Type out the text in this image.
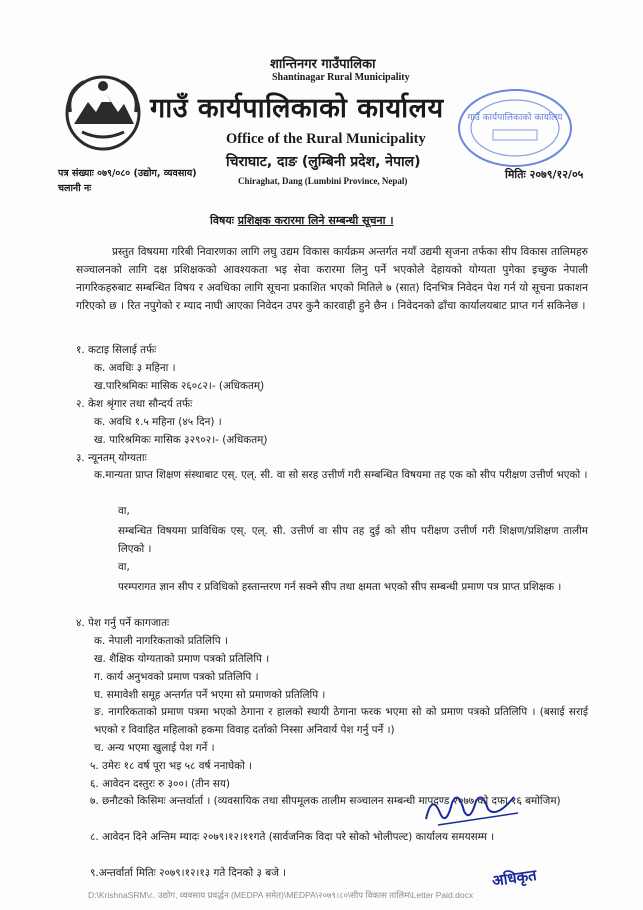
गाउँ कार्यपालिकाको कार्यालय
शान्तिनगर गाउँपालिका
Shantinagar Rural Municipality
गाउँ कार्यपालिकाको कार्यालय
Office of the Rural Municipality
चिराघाट, दाङ (लुम्बिनी प्रदेश, नेपाल)
Chiraghat, Dang (Lumbini Province, Nepal)
पत्र संख्याः ०७९/०८० (उद्योग, व्यवसाय)
चलानी नः
मितिः २०७९/१२/०५
विषयः प्रशिक्षक करारमा लिने सम्बन्धी सूचना ।
प्रस्तुत विषयमा गरिबी निवारणका लागि लघु उद्यम विकास कार्यक्रम अन्तर्गत नयाँ उद्यमी सृजना तर्फका सीप विकास तालिमहरु सञ्चालनको लागि दक्ष प्रशिक्षकको आवश्यकता भइ सेवा करारमा लिनु पर्ने भएकोले देहायको योग्यता पुगेका इच्छुक नेपाली नागरिकहरुबाट सम्बन्धित विषय र अवधिका लागि सूचना प्रकाशित भएको मितिले ७ (सात) दिनभित्र निवेदन पेश गर्न यो सूचना प्रकाशन गरिएको छ । रित नपुगेको र म्याद नाघी आएका निवेदन उपर कुनै कारवाही हुने छैन । निवेदनको ढाँचा कार्यालयबाट प्राप्त गर्न सकिनेछ ।
१. कटाइ सिलाई तर्फः
क. अवधिः ३ महिना ।
ख.पारिश्रमिकः मासिक २६०८२।- (अधिकतम्)
२. केश श्रृंगार तथा सौन्दर्य तर्फः
क. अवधि १.५ महिना (४५ दिन) ।
ख. पारिश्रमिकः मासिक ३२९०२।- (अधिकतम्)
३. न्यूनतम् योग्यताः
क.मान्यता प्राप्त शिक्षण संस्थाबाट एस्. एल्. सी. वा सो सरह उत्तीर्ण गरी सम्बन्धित विषयमा तह एक को सीप परीक्षण उत्तीर्ण भएको ।
वा,
सम्बन्धित विषयमा प्राविधिक एस्. एल्. सी. उत्तीर्ण वा सीप तह दुई को सीप परीक्षण उत्तीर्ण गरी शिक्षण/प्रशिक्षण तालीम लिएको ।
वा,
परम्परागत ज्ञान सीप र प्रविधिको हस्तान्तरण गर्न सक्ने सीप तथा क्षमता भएको सीप सम्बन्धी प्रमाण पत्र प्राप्त प्रशिक्षक ।
४. पेश गर्नु पर्ने कागजातः
क. नेपाली नागरिकताको प्रतिलिपि ।
ख. शैक्षिक योग्यताको प्रमाण पत्रको प्रतिलिपि ।
ग. कार्य अनुभवको प्रमाण पत्रको प्रतिलिपि ।
घ. समावेशी समूह अन्तर्गत पर्ने भएमा सो प्रमाणको प्रतिलिपि ।
ङ. नागरिकताको प्रमाण पत्रमा भएको ठेगाना र हालको स्थायी ठेगाना फरक भएमा सो को प्रमाण पत्रको प्रतिलिपि । (बसाई सराई भएको र विवाहित महिलाको हकमा विवाह दर्ताको निस्सा अनिवार्य पेश गर्नु पर्ने ।)
च. अन्य भएमा खुलाई पेश गर्ने ।
५. उमेरः १८ वर्ष पूरा भइ ५८ वर्ष ननाघेको ।
६. आवेदन दस्तुरः रु ३००। (तीन सय)
७. छनौटको किसिमः अन्तर्वार्ता । (व्यवसायिक तथा सीपमूलक तालीम सञ्चालन सम्बन्धी मापदण्ड २०७७ को दफा १६ बमोजिम)
८. आवेदन दिने अन्तिम म्यादः २०७९।१२।११गते (सार्वजनिक विदा परे सोको भोलीपल्ट) कार्यालय समयसम्म ।
९.अन्तर्वार्ता मितिः २०७९।१२।१३ गते दिनको ३ बजे ।
D:\KrishnaSRM\८. उद्योग, व्यवसाय प्रवर्द्धन (MEDPA समेत)\MEDPA\२०७९।८०\सीप विकास तालिम\Letter Paid.docx
अधिकृत
